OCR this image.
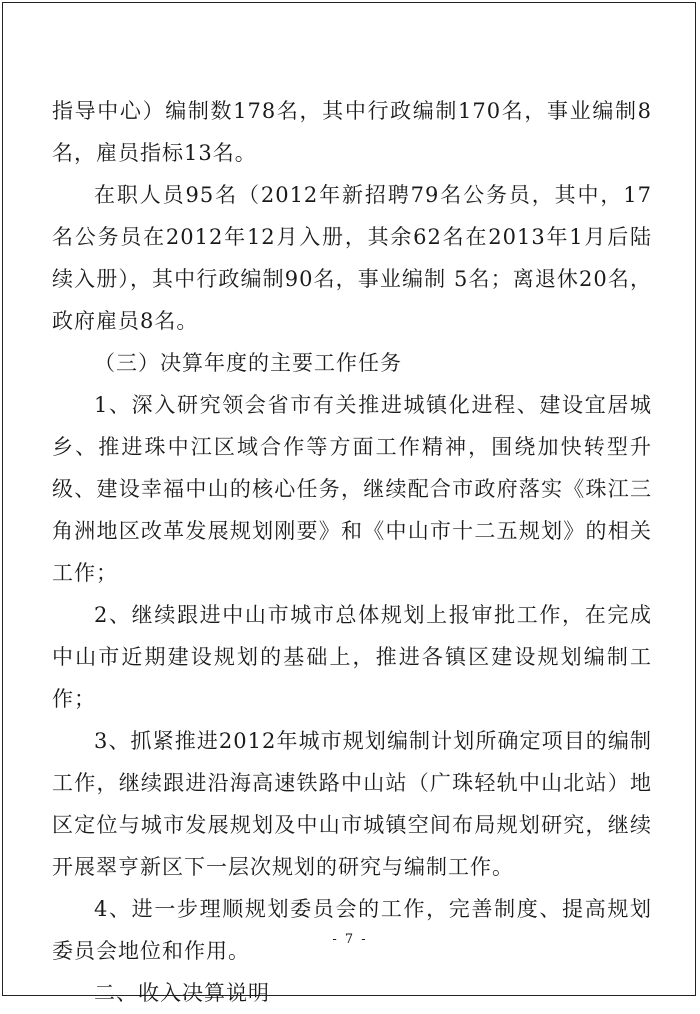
指导中心）编制数178名，其中行政编制170名，事业编制8 名，雇员指标13名。

在职人员95名（2012年新招聘79名公务员，其中，17名公务员在2012年12月入册，其余62名在2013年1月后陆续入册），其中行政编制90名，事业编制 5名；离退休20名，政府雇员8名。

（三）决算年度的主要工作任务

1、深入研究领会省市有关推进城镇化进程、建设宜居城乡、推进珠中江区域合作等方面工作精神，围绕加快转型升级、建设幸福中山的核心任务，继续配合市政府落实《珠江三角洲地区改革发展规划刚要》和《中山市十二五规划》的相关工作；

2、继续跟进中山市城市总体规划上报审批工作，在完成中山市近期建设规划的基础上，推进各镇区建设规划编制工作；

3、抓紧推进2012年城市规划编制计划所确定项目的编制工作，继续跟进沿海高速铁路中山站（广珠轻轨中山北站）地区定位与城市发展规划及中山市城镇空间布局规划研究，继续开展翠亨新区下一层次规划的研究与编制工作。

4、进一步理顺规划委员会的工作，完善制度、提高规划委员会地位和作用。

二、收入决算说明

- 7 -
